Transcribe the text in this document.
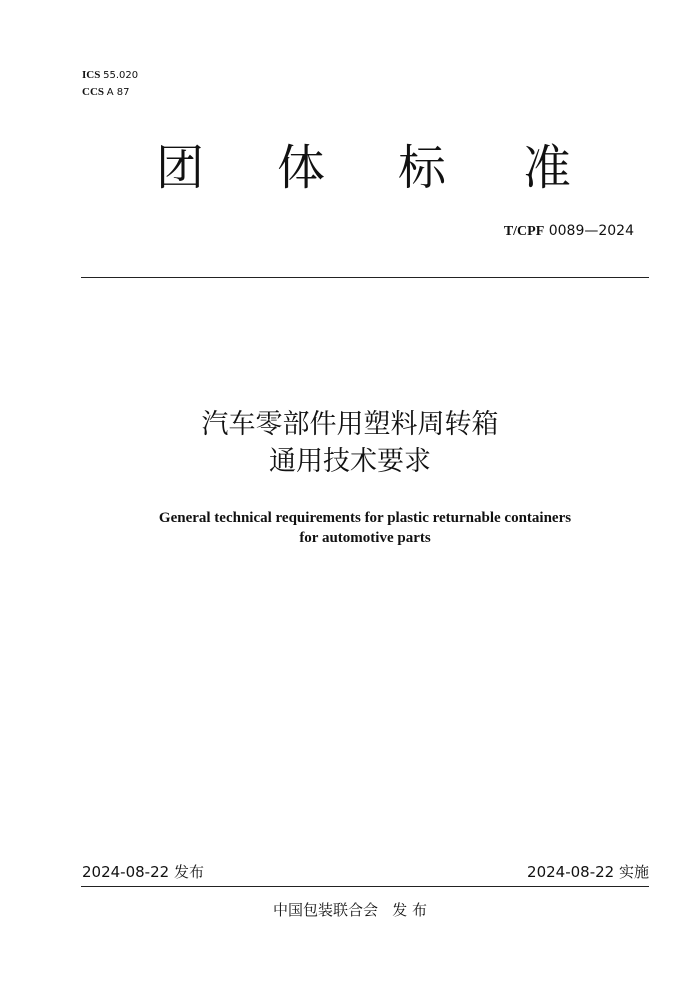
ICS 55.020
CCS A 87
团 体 标 准
T/CPF 0089—2024
汽车零部件用塑料周转箱
通用技术要求
General technical requirements for plastic returnable containers
for automotive parts
2024-08-22 发布	2024-08-22 实施
中国包装联合会   发 布
